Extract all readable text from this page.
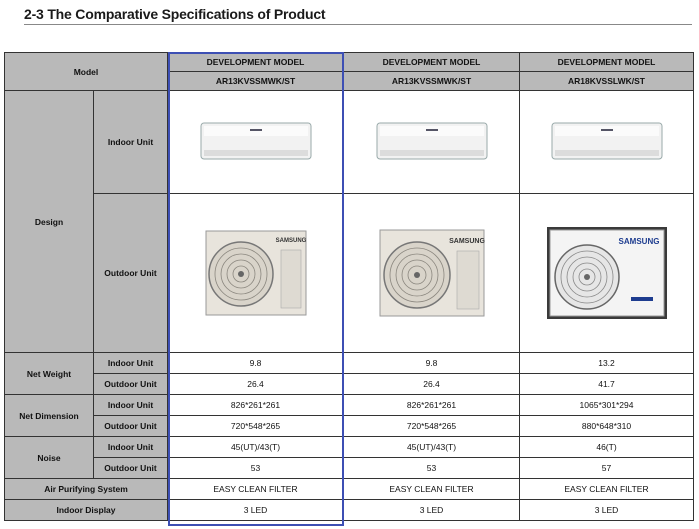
2-3 The Comparative Specifications of Product
Model		DEVELOPMENT MODEL	DEVELOPMENT MODEL	DEVELOPMENT MODEL
		AR13KVSSMWK/ST	AR13KVSSMWK/ST	AR18KVSSLWK/ST
Design	Indoor Unit	

	Outdoor Unit	SAMSUNG	SAMSUNG	SAMSUNG

Net Weight	Indoor Unit	9.8	9.8	13.2
	Outdoor Unit	26.4	26.4	41.7
Net Dimension	Indoor Unit	826*261*261	826*261*261	1065*301*294
	Outdoor Unit	720*548*265	720*548*265	880*648*310
Noise	Indoor Unit	45(UT)/43(T)	45(UT)/43(T)	46(T)
	Outdoor Unit	53	53	57
Air Purifying System		EASY CLEAN FILTER	EASY CLEAN FILTER	EASY CLEAN FILTER
Indoor Display		3 LED	3 LED	3 LED
